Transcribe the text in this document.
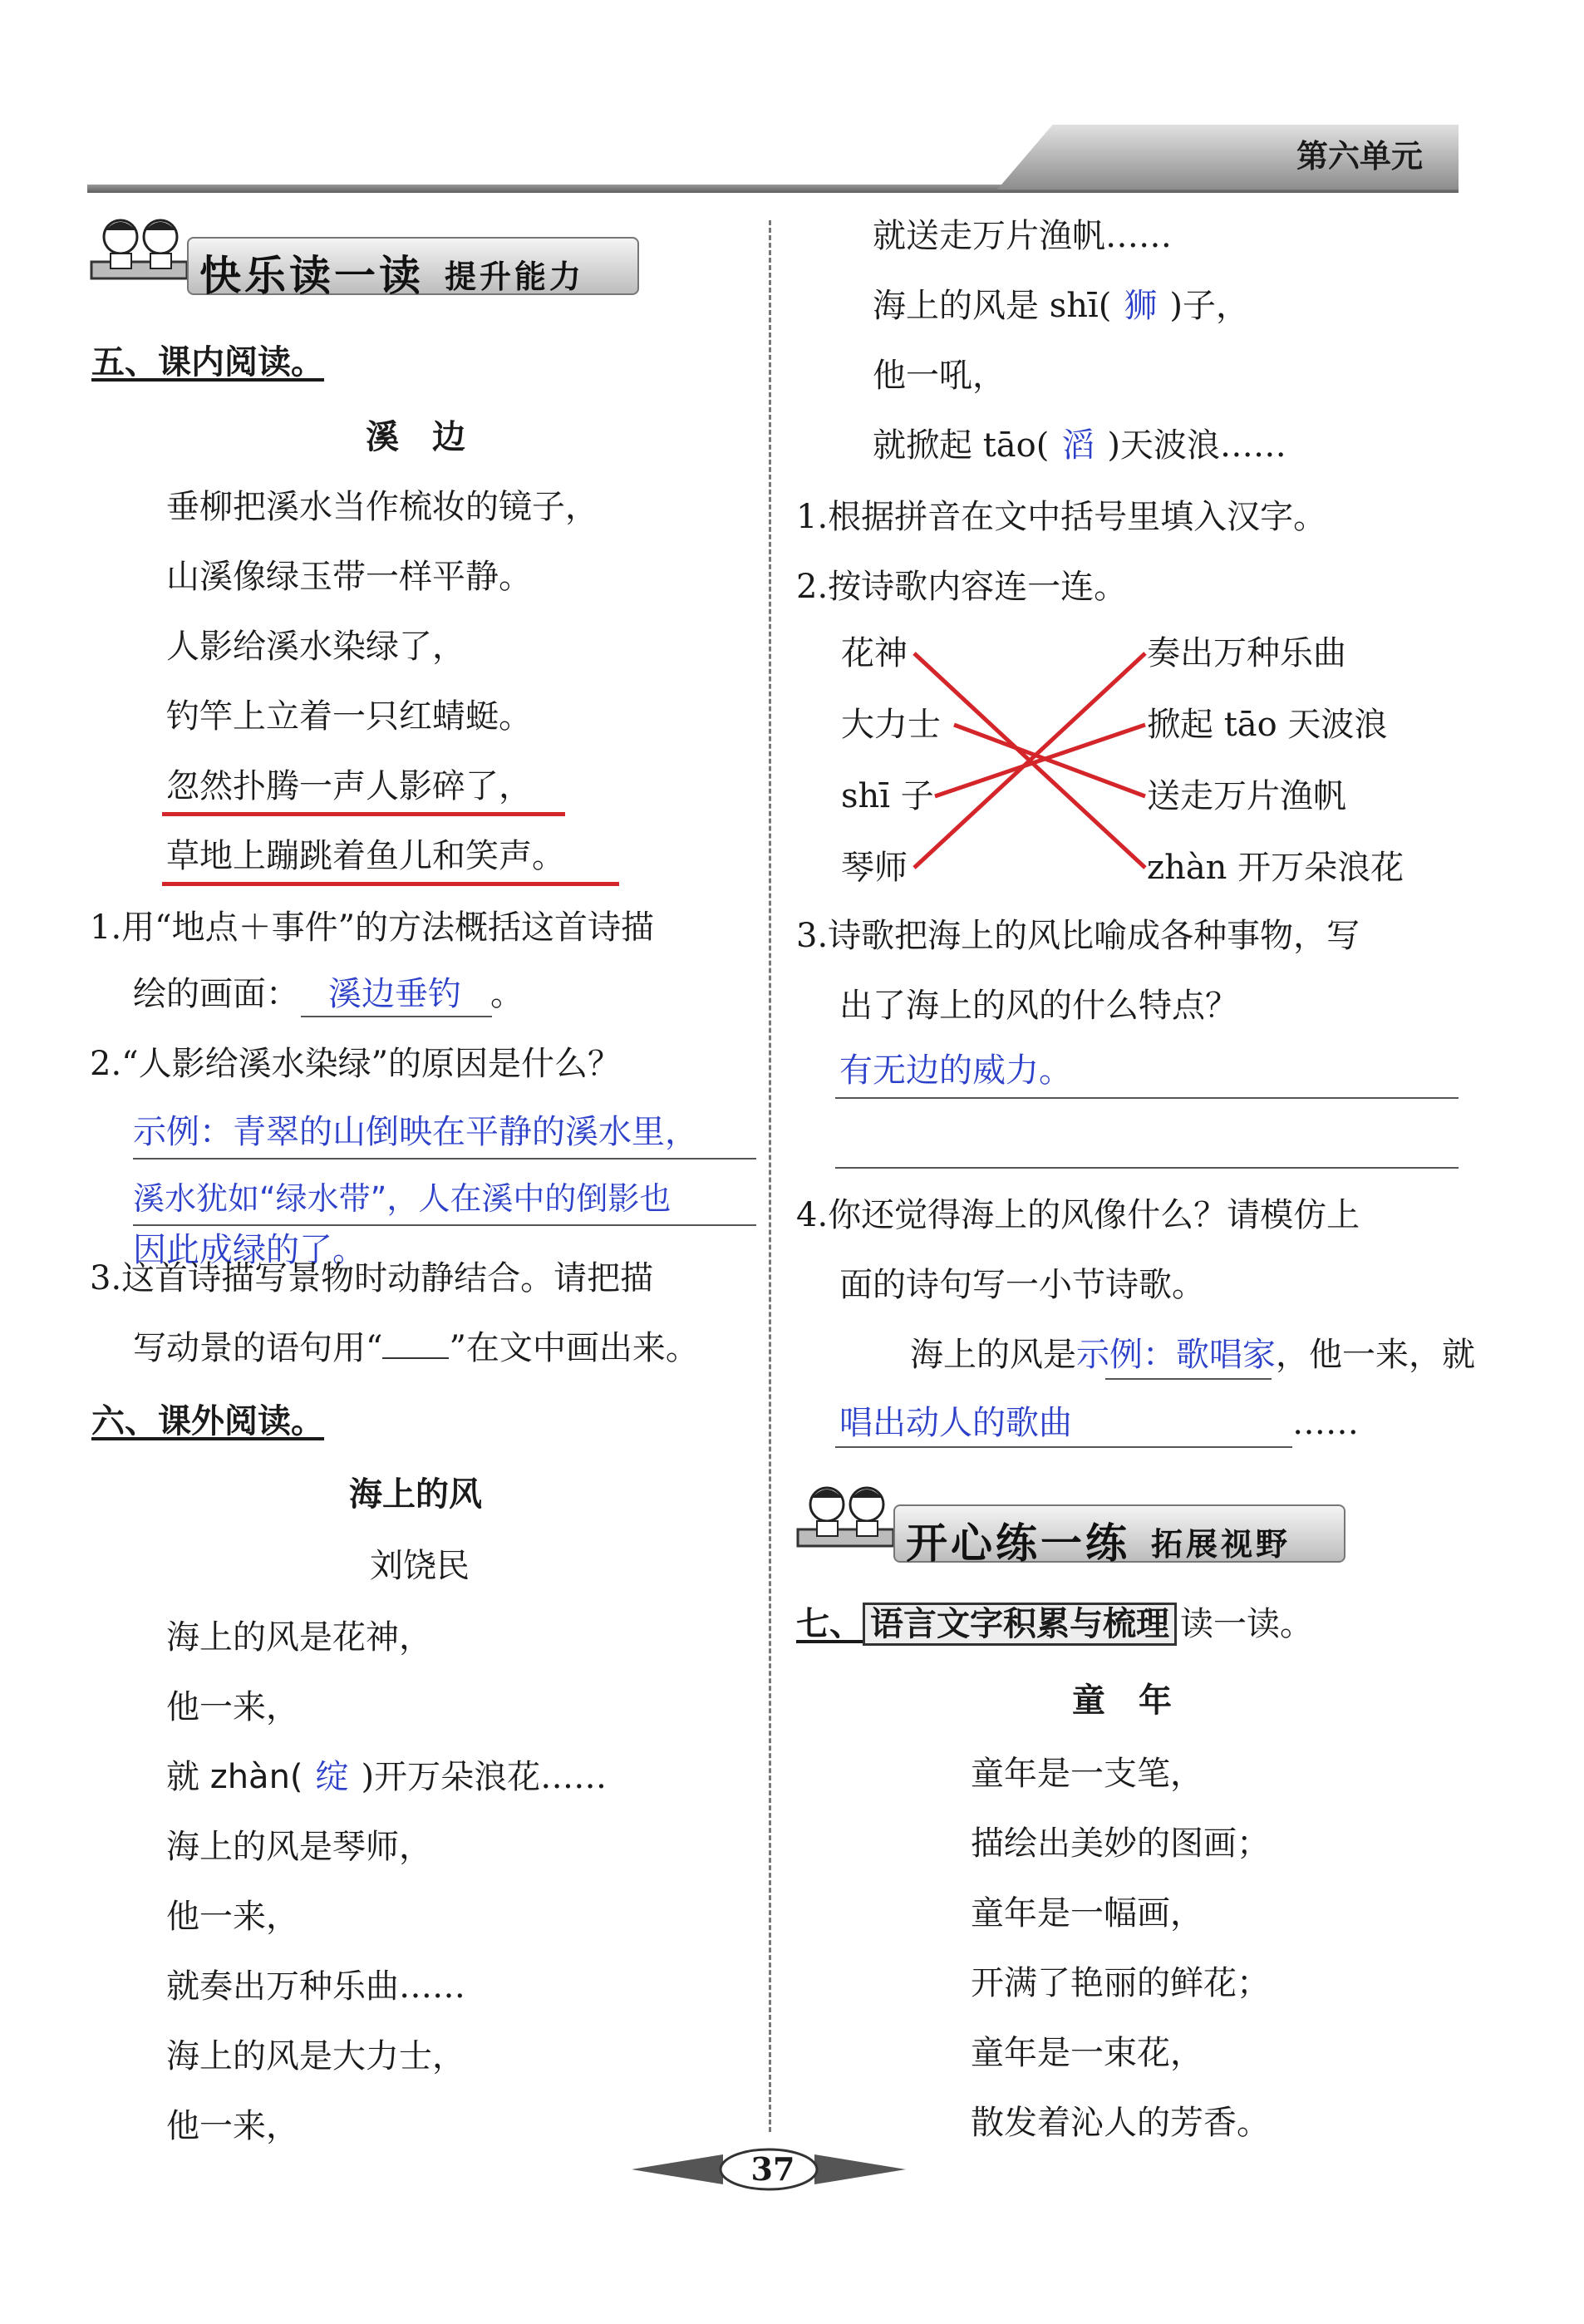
第六单元
快乐读一读 提升能力
五、课内阅读。
溪　边
垂柳把溪水当作梳妆的镜子，
山溪像绿玉带一样平静。
人影给溪水染绿了，
钓竿上立着一只红蜻蜓。
忽然扑腾一声人影碎了，
草地上蹦跳着鱼儿和笑声。
1.用“地点＋事件”的方法概括这首诗描
绘的画面： 溪边垂钓 。
2.“人影给溪水染绿”的原因是什么？
示例：青翠的山倒映在平静的溪水里，
溪水犹如“绿水带”，人在溪中的倒影也
因此成绿的了。
3.这首诗描写景物时动静结合。请把描
写动景的语句用“ ”在文中画出来。
六、课外阅读。
海上的风
刘饶民
海上的风是花神，
他一来，
就 zhàn( 绽 )开万朵浪花……
海上的风是琴师，
他一来，
就奏出万种乐曲……
海上的风是大力士，
他一来，
就送走万片渔帆……
海上的风是 shī( 狮 )子，
他一吼，
就掀起 tāo( 滔 )天波浪……
1.根据拼音在文中括号里填入汉字。
2.按诗歌内容连一连。
花神
大力士
shī 子
琴师
奏出万种乐曲
掀起 tāo 天波浪
送走万片渔帆
zhàn 开万朵浪花
3.诗歌把海上的风比喻成各种事物，写
出了海上的风的什么特点？
有无边的威力。
4.你还觉得海上的风像什么？请模仿上
面的诗句写一小节诗歌。
海上的风是示例：歌唱家，他一来，就
唱出动人的歌曲	……
开心练一练 拓展视野
七、 语言文字积累与梳理 读一读。
童　年
童年是一支笔，
描绘出美妙的图画；
童年是一幅画，
开满了艳丽的鲜花；
童年是一束花，
散发着沁人的芳香。
37
